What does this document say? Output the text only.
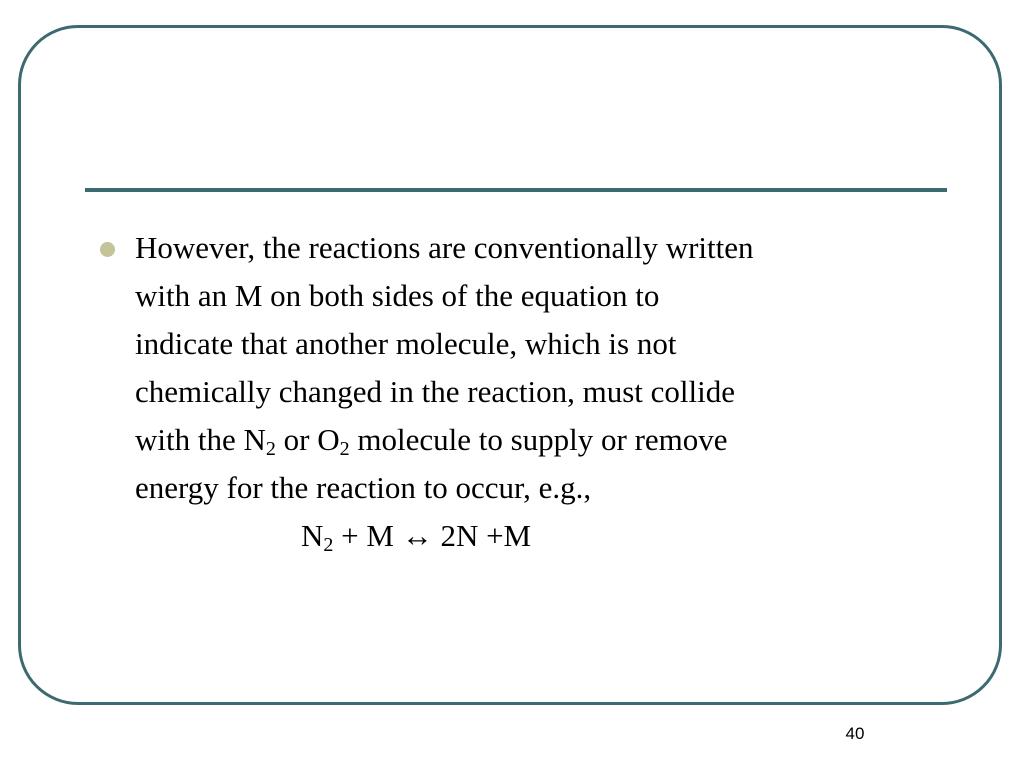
However, the reactions are conventionally written
with an M on both sides of the equation to
indicate that another molecule, which is not
chemically changed in the reaction, must collide
with the $N_2$ or $O_2$ molecule to supply or remove
energy for the reaction to occur, e.g.,
$N_2 + M$ ↔ 2N +M
40
